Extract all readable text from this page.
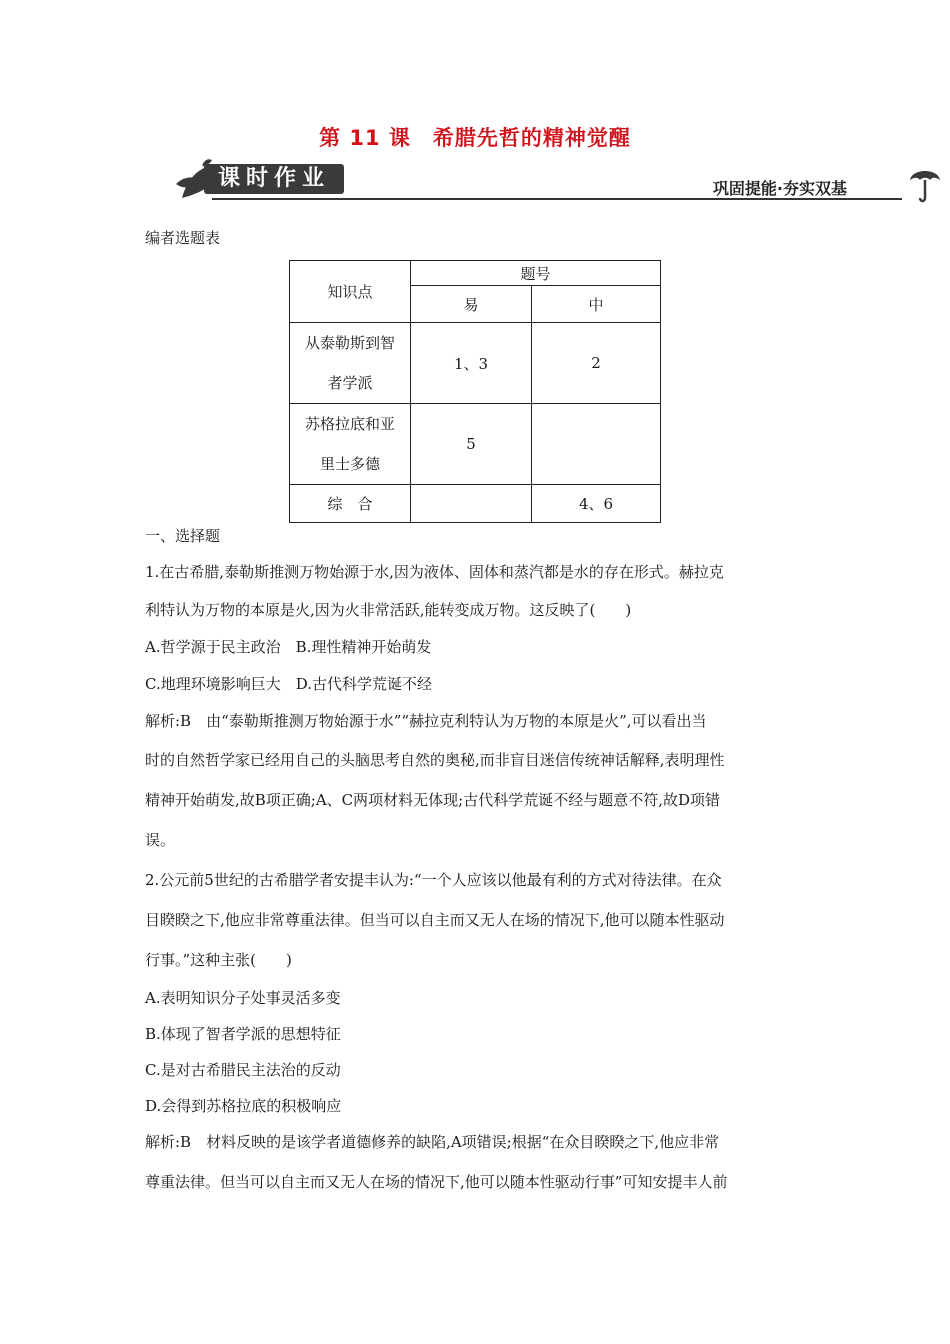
第 11 课　希腊先哲的精神觉醒
课时作业	巩固提能·夯实双基
编者选题表
知识点	题号	
	易	中

从泰勒斯到智
者学派	1、3	2

苏格拉底和亚
里士多德	5	
综　合		4、6
一、选择题
1.在古希腊,泰勒斯推测万物始源于水,因为液体、固体和蒸汽都是水的存在形式。赫拉克
利特认为万物的本原是火,因为火非常活跃,能转变成万物。这反映了(　　)
A.哲学源于民主政治　B.理性精神开始萌发
C.地理环境影响巨大　D.古代科学荒诞不经
解析:B　由“泰勒斯推测万物始源于水”“赫拉克利特认为万物的本原是火”,可以看出当
时的自然哲学家已经用自己的头脑思考自然的奥秘,而非盲目迷信传统神话解释,表明理性
精神开始萌发,故B项正确;A、C两项材料无体现;古代科学荒诞不经与题意不符,故D项错
误。
2.公元前5世纪的古希腊学者安提丰认为:“一个人应该以他最有利的方式对待法律。在众
目睽睽之下,他应非常尊重法律。但当可以自主而又无人在场的情况下,他可以随本性驱动
行事。”这种主张(　　)
A.表明知识分子处事灵活多变
B.体现了智者学派的思想特征
C.是对古希腊民主法治的反动
D.会得到苏格拉底的积极响应
解析:B　材料反映的是该学者道德修养的缺陷,A项错误;根据“在众目睽睽之下,他应非常
尊重法律。但当可以自主而又无人在场的情况下,他可以随本性驱动行事”可知安提丰人前
